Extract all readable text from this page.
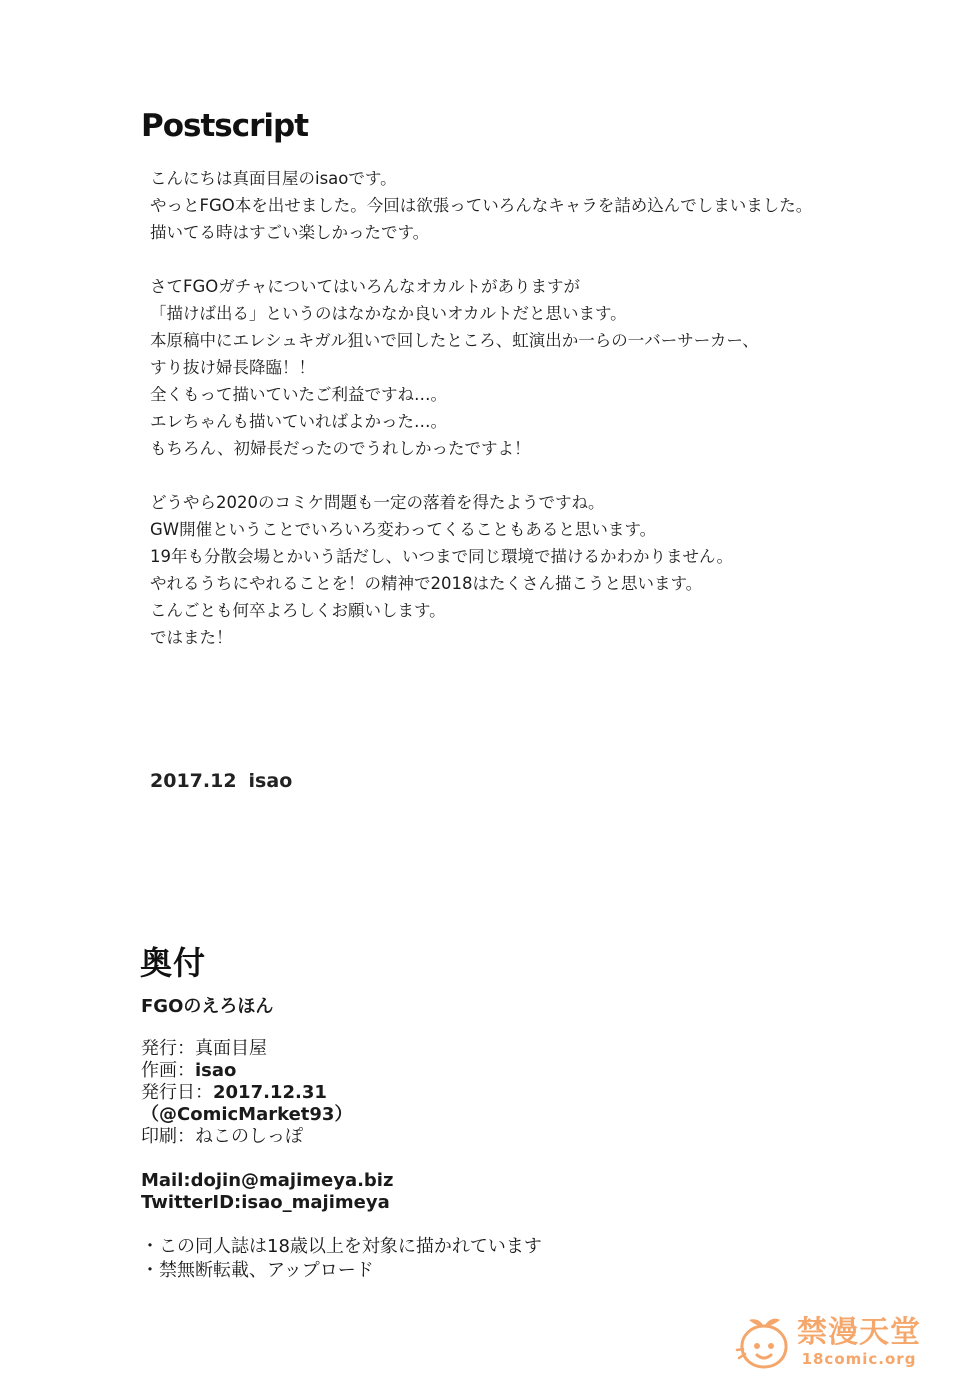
Postscript
こんにちは真面目屋のisaoです。
やっとFGO本を出せました。今回は欲張っていろんなキャラを詰め込んでしまいました。
描いてる時はすごい楽しかったです。
さてFGOガチャについてはいろんなオカルトがありますが
「描けば出る」というのはなかなか良いオカルトだと思います。
本原稿中にエレシュキガル狙いで回したところ、虹演出か一らの一バーサーカー、
すり抜け婦長降臨！！
全くもって描いていたご利益ですね…。
エレちゃんも描いていればよかった…。
もちろん、初婦長だったのでうれしかったですよ！
どうやら2020のコミケ問題も一定の落着を得たようですね。
GW開催ということでいろいろ変わってくることもあると思います。
19年も分散会場とかいう話だし、いつまで同じ環境で描けるかわかりません。
やれるうちにやれることを！の精神で2018はたくさん描こうと思います。
こんごとも何卒よろしくお願いします。
ではまた！
2017.12 isao
奥付
FGOのえろほん
発行：真面目屋
作画：isao
発行日：2017.12.31
（@ComicMarket93）
印刷：ねこのしっぽ
Mail:dojin@majimeya.biz
TwitterID:isao_majimeya
・この同人誌は18歳以上を対象に描かれています
・禁無断転載、アップロード
禁漫天堂
18comic.org
